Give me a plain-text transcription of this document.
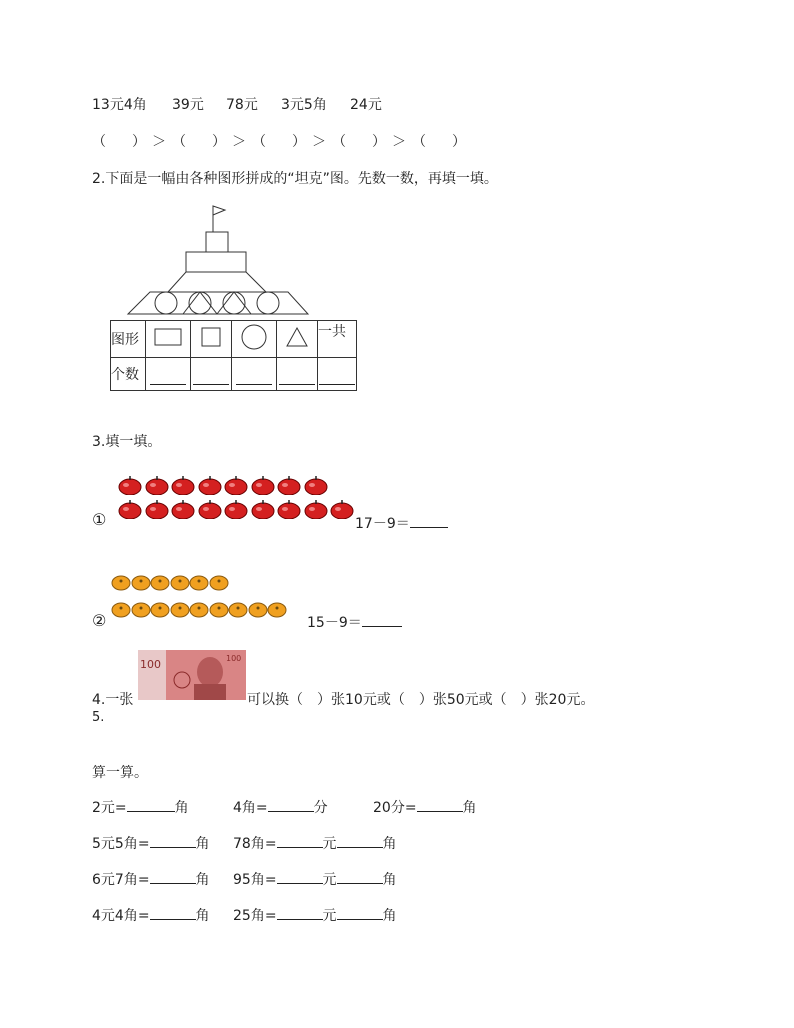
13元4角 39元 78元 3元5角 24元
（　）＞（　）＞（　）＞（　）＞（　）
2.下面是一幅由各种图形拼成的“坦克”图。先数一数，再填一填。
图形					一共
个数	

3.填一填。
①	17－9＝
②	15－9＝
4.一张
100	100
可以换（　）张10元或（　）张50元或（　）张20元。
5.
算一算。
2元=	角	4角=	分	20分=	角
5元5角=	角 78角=	元	角
6元7角=	角 95角=	元	角
4元4角=	角 25角=	元	角
